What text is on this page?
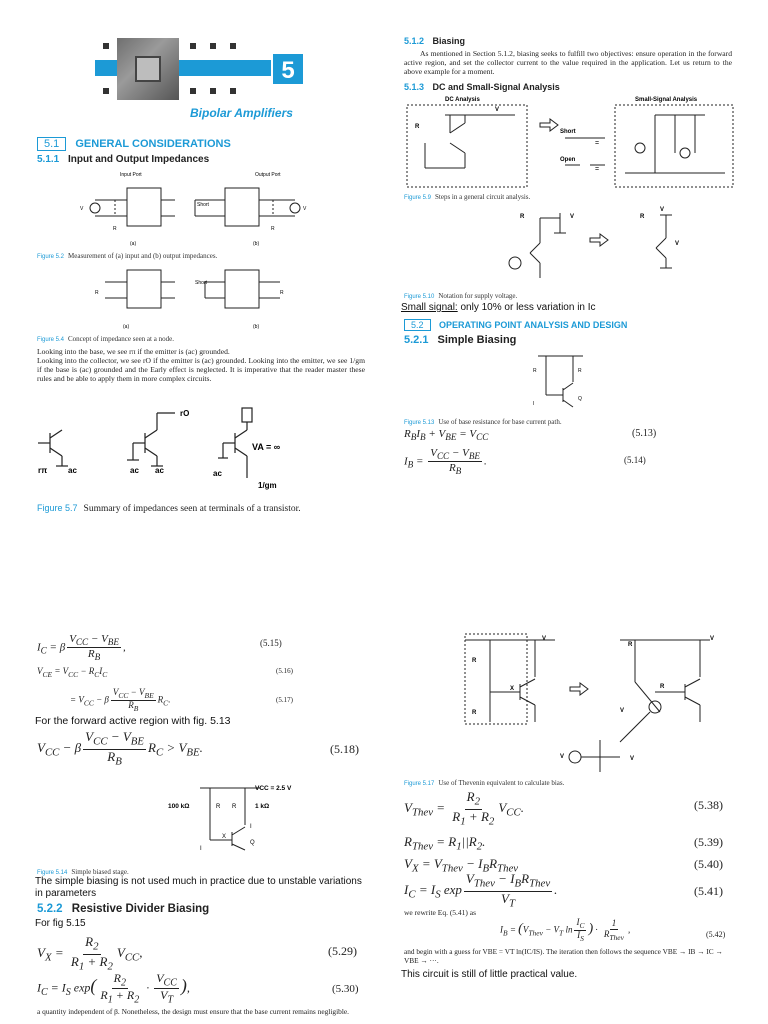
5
Bipolar Amplifiers
5.1 GENERAL CONSIDERATIONS
5.1.1 Input and Output Impedances
Input Port	Output Port
Short
V	V
R	R
(a)	(b)
Figure 5.2 Measurement of (a) input and (b) output impedances.
R
Short
R
(a)	(b)
Figure 5.4 Concept of impedance seen at a node.
Looking into the base, we see rπ if the emitter is (ac) grounded.
Looking into the collector, we see rO if the emitter is (ac) grounded. Looking into the emitter, we see 1/gm if the base is (ac) grounded and the Early effect is neglected. It is imperative that the reader master these rules and be able to apply them in more complex circuits.
rπ	ac	ac ac
rO
VA = ∞
ac
1/gm
Figure 5.7 Summary of impedances seen at terminals of a transistor.
5.1.2 Biasing
As mentioned in Section 5.1.2, biasing seeks to fulfill two objectives: ensure operation in the forward active region, and set the collector current to the value required in the application. Let us return to the above example for a moment.
5.1.3 DC and Small-Signal Analysis
DC Analysis	Small-Signal Analysis
Short
Open
R
V
=
=
Figure 5.9 Steps in a general circuit analysis.
R	V	R
V
V
Figure 5.10 Notation for supply voltage.
Small signal: only 10% or less variation in Ic
5.2 OPERATING POINT ANALYSIS AND DESIGN
5.2.1 Simple Biasing
R	R
I
Q
Figure 5.13 Use of base resistance for base current path.
$R_BI_B + V_{BE} = V_{CC}$	(5.13)
$I_B = \frac{V_{CC} - V_{BE}}{R_B}$ .	(5.14)
$I_C = \beta \frac{V_{CC} - V_{BE}}{R_B}$ ,	(5.15)
$V_{CE} = V_{CC} - R_CI_C$	(5.16)
= $V_{CC} - \beta \frac{V_{CC} - V_{BE}}{R_B} R_C$.	(5.17)
For the forward active region with fig. 5.13
$V_{CC} - \beta \frac{V_{CC} - V_{BE}}{R_B} R_C > V_{BE}$.	(5.18)
VCC = 2.5 V
100 kΩ	1 kΩ
R R
X
I
I
Q
Figure 5.14 Simple biased stage.
The simple biasing is not used much in practice due to unstable variations in parameters
5.2.2 Resistive Divider Biasing
For fig 5.15
$V_X = \frac{R_2}{R_1 + R_2} V_{CC}$,	(5.29)
$I_C = I_S$ $\exp( \frac{R_2}{R_1 + R_2} \cdot \frac{V_{CC}}{V_T}$ ),	(5.30)
a quantity independent of β. Nonetheless, the design must ensure that the base current remains negligible.
R
R
V
X
R
V
R
V
V	V
Figure 5.17 Use of Thevenin equivalent to calculate bias.
$V_{Thev} = \frac{R_2}{R_1 + R_2} V_{CC}$.	(5.38)
$R_{Thev} = R_1||R_2$.	(5.39)
$V_X = V_{Thev} - I_BR_{Thev}$	(5.40)
$I_C = I_S$ $\exp \frac{V_{Thev} - I_BR_{Thev}}{V_T}$ .	(5.41)
we rewrite Eq. (5.41) as
$I_B = (V_{Thev} - V_T$ $\ln \frac{I_C}{I_S}$ ) · $\frac{1}{R_{Thev}}$ ,	(5.42)
and begin with a guess for VBE = VT ln(IC/IS). The iteration then follows the sequence VBE → IB → IC → VBE → ···.
This circuit is still of little practical value.
